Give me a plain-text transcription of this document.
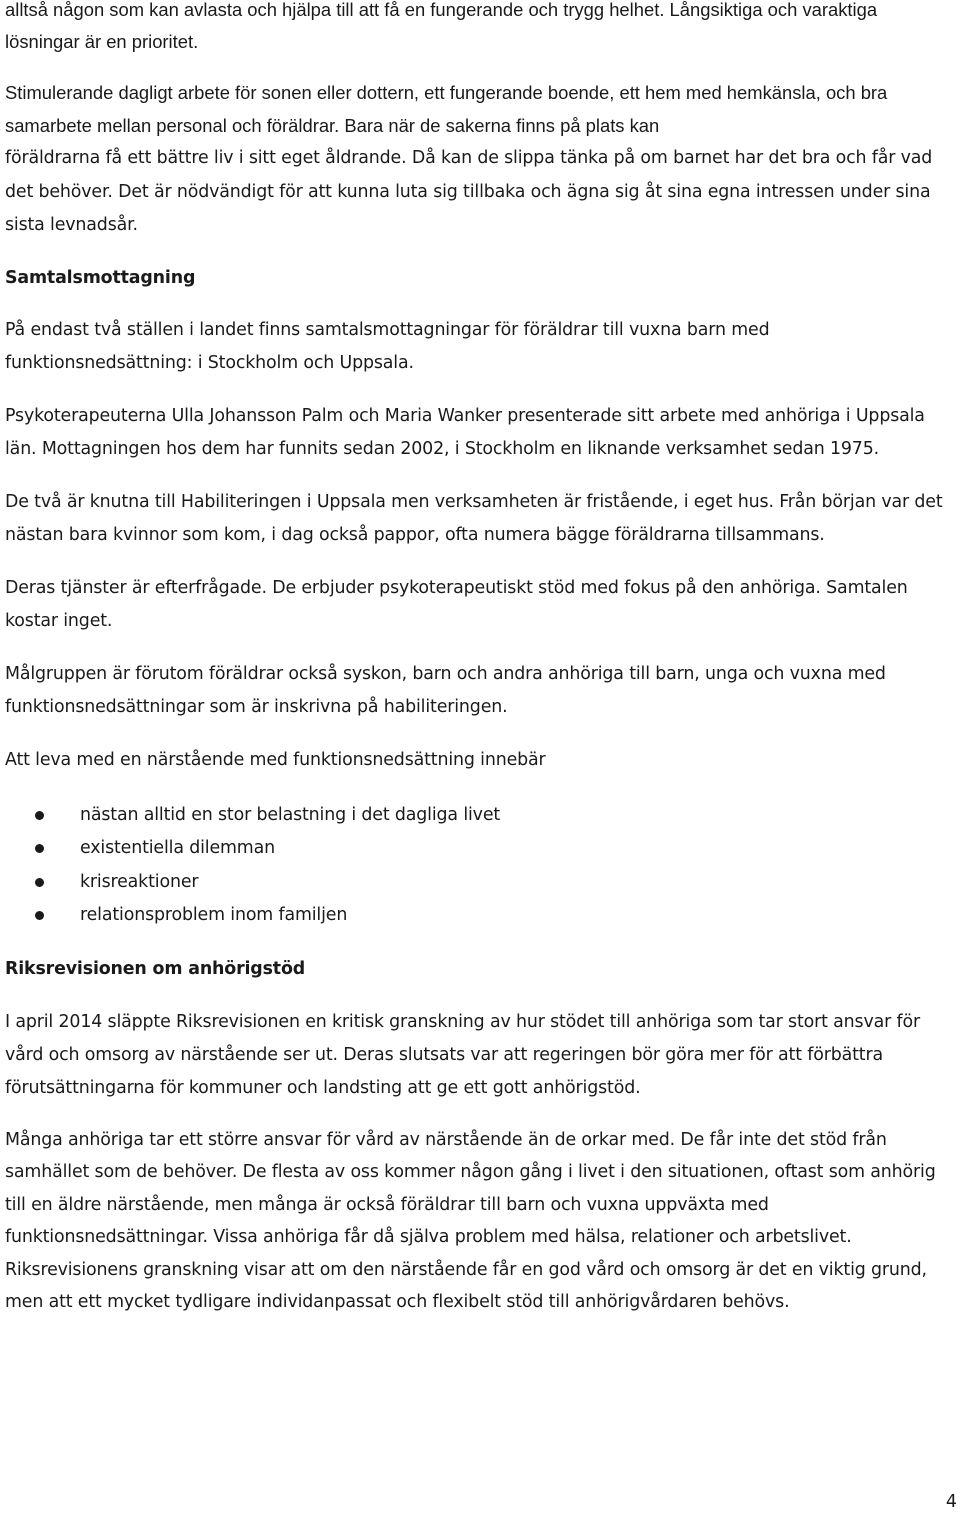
alltså någon som kan avlasta och hjälpa till att få en fungerande och trygg helhet. Långsiktiga och varaktiga lösningar är en prioritet.

Stimulerande dagligt arbete för sonen eller dottern, ett fungerande boende, ett hem med hemkänsla, och bra samarbete mellan personal och föräldrar. Bara när de sakerna finns på plats kan

föräldrarna få ett bättre liv i sitt eget åldrande. Då kan de slippa tänka på om barnet har det bra och får vad det behöver. Det är nödvändigt för att kunna luta sig tillbaka och ägna sig åt sina egna intressen under sina sista levnadsår.

Samtalsmottagning

På endast två ställen i landet finns samtalsmottagningar för föräldrar till vuxna barn med funktionsnedsättning: i Stockholm och Uppsala.

Psykoterapeuterna Ulla Johansson Palm och Maria Wanker presenterade sitt arbete med anhöriga i Uppsala län. Mottagningen hos dem har funnits sedan 2002, i Stockholm en liknande verksamhet sedan 1975.

De två är knutna till Habiliteringen i Uppsala men verksamheten är fristående, i eget hus. Från början var det nästan bara kvinnor som kom, i dag också pappor, ofta numera bägge föräldrarna tillsammans.

Deras tjänster är efterfrågade. De erbjuder psykoterapeutiskt stöd med fokus på den anhöriga. Samtalen kostar inget.

Målgruppen är förutom föräldrar också syskon, barn och andra anhöriga till barn, unga och vuxna med funktionsnedsättningar som är inskrivna på habiliteringen.

Att leva med en närstående med funktionsnedsättning innebär

nästan alltid en stor belastning i det dagliga livet
existentiella dilemman
krisreaktioner
relationsproblem inom familjen

Riksrevisionen om anhörigstöd

I april 2014 släppte Riksrevisionen en kritisk granskning av hur stödet till anhöriga som tar stort ansvar för vård och omsorg av närstående ser ut. Deras slutsats var att regeringen bör göra mer för att förbättra förutsättningarna för kommuner och landsting att ge ett gott anhörigstöd.

Många anhöriga tar ett större ansvar för vård av närstående än de orkar med. De får inte det stöd från samhället som de behöver. De flesta av oss kommer någon gång i livet i den situationen, oftast som anhörig till en äldre närstående, men många är också föräldrar till barn och vuxna uppväxta med funktionsnedsättningar. Vissa anhöriga får då själva problem med hälsa, relationer och arbetslivet. Riksrevisionens granskning visar att om den närstående får en god vård och omsorg är det en viktig grund, men att ett mycket tydligare individanpassat och flexibelt stöd till anhörigvårdaren behövs.

4
